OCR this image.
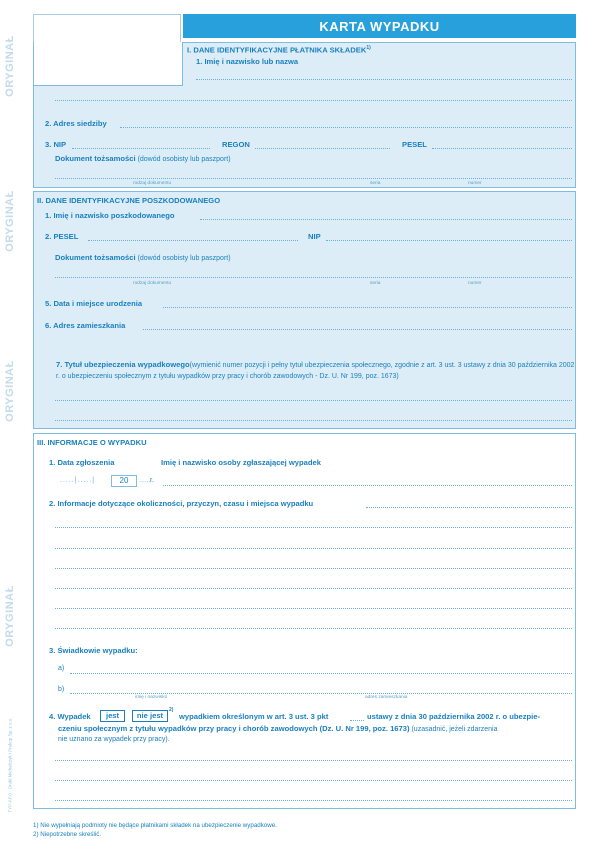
ORYGINAŁ
ORYGINAŁ
ORYGINAŁ
ORYGINAŁ
TYP-AP.0 · Druki Michalczyk i Prokop Sp. z o.o.
KARTA WYPADKU
I. DANE IDENTYFIKACYJNE PŁATNIKA SKŁADEK$^{1)}$
1. Imię i nazwisko lub nazwa
2. Adres siedziby
3. NIP	REGON	PESEL
Dokument tożsamości (dowód osobisty lub paszport)
rodzaj dokumentu	seria	numer
II. DANE IDENTYFIKACYJNE POSZKODOWANEGO
1. Imię i nazwisko poszkodowanego
2. PESEL	NIP
Dokument tożsamości (dowód osobisty lub paszport)
rodzaj dokumentu	seria	numer
5. Data i miejsce urodzenia
6. Adres zamieszkania
7. Tytuł ubezpieczenia wypadkowego(wymienić numer pozycji i pełny tytuł ubezpieczenia społecznego, zgodnie z art. 3 ust. 3 ustawy z dnia 30 października 2002 r. o ubezpieczeniu społecznym z tytułu wypadków przy pracy i chorób zawodowych - Dz. U. Nr 199, poz. 1673)
III. INFORMACJE O WYPADKU
1. Data zgłoszenia	Imię i nazwisko osoby zgłaszającej wypadek
.....|.....|	20	...... r.
2. Informacje dotyczące okoliczności, przyczyn, czasu i miejsca wypadku
3. Świadkowie wypadku:
a)
b)
imię i nazwisko	adres zamieszkania
4. Wypadek	jest	nie jest
2)
wypadkiem określonym w art. 3 ust. 3 pkt	ustawy z dnia 30 października 2002 r. o ubezpie-
czeniu społecznym z tytułu wypadków przy pracy i chorób zawodowych (Dz. U. Nr 199, poz. 1673) (uzasadnić, jeżeli zdarzenia
nie uznano za wypadek przy pracy).
1) Nie wypełniają podmioty nie będące płatnikami składek na ubezpieczenie wypadkowe.
2) Niepotrzebne skreślić.
